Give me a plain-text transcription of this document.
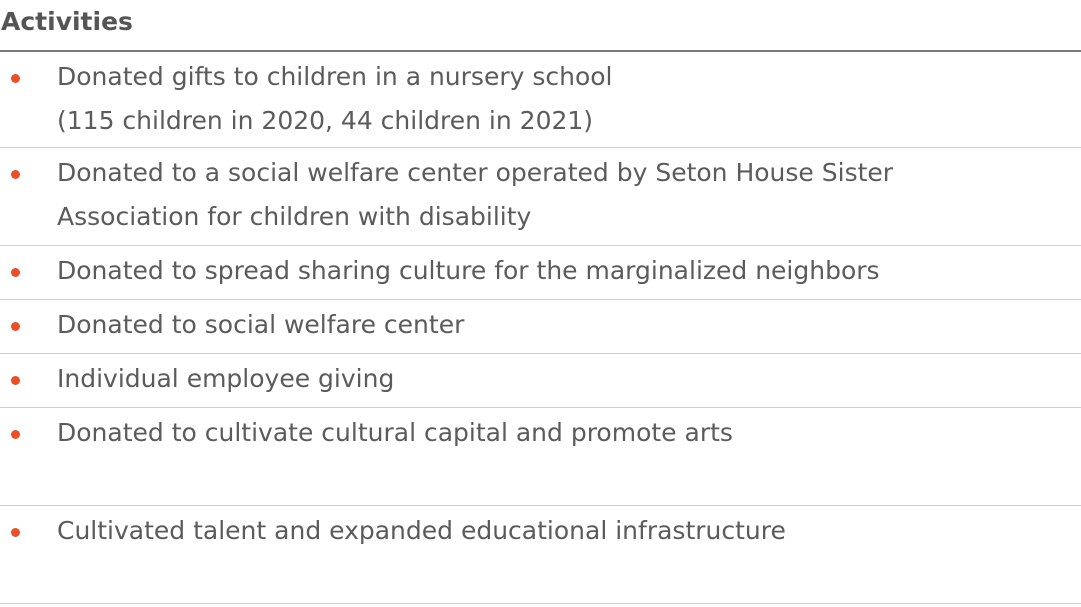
Activities
Donated gifts to children in a nursery school
(115 children in 2020, 44 children in 2021)
Donated to a social welfare center operated by Seton House Sister
Association for children with disability
Donated to spread sharing culture for the marginalized neighbors
Donated to social welfare center
Individual employee giving
Donated to cultivate cultural capital and promote arts
Cultivated talent and expanded educational infrastructure
